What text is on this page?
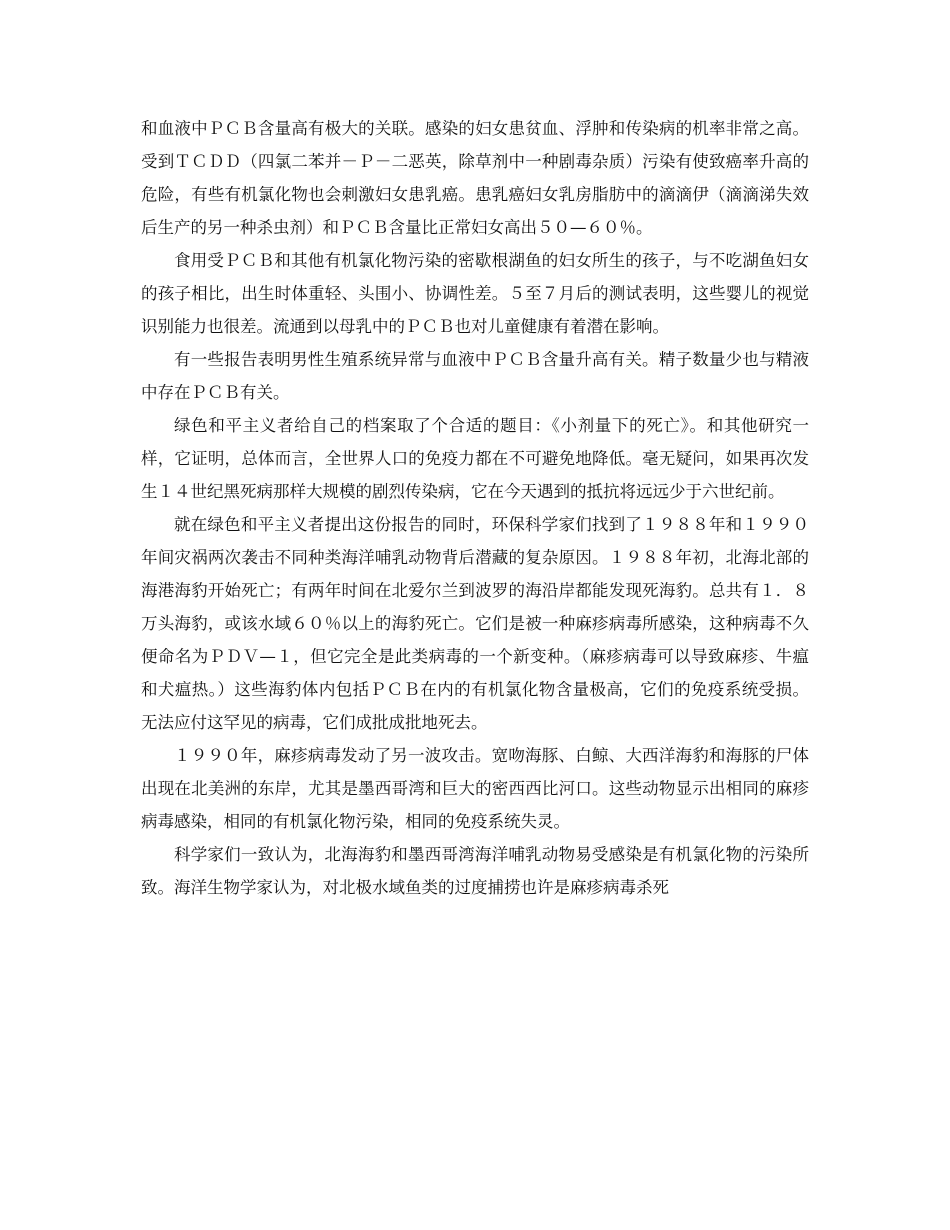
和血液中ＰＣＢ含量高有极大的关联。感染的妇女患贫血、浮肿和传染病的机率非常之高。受到ＴＣＤＤ（四氯二苯并－Ｐ－二恶英，除草剂中一种剧毒杂质）污染有使致癌率升高的危险，有些有机氯化物也会刺激妇女患乳癌。患乳癌妇女乳房脂肪中的滴滴伊（滴滴涕失效后生产的另一种杀虫剂）和ＰＣＢ含量比正常妇女高出５０—６０％。

食用受ＰＣＢ和其他有机氯化物污染的密歇根湖鱼的妇女所生的孩子，与不吃湖鱼妇女的孩子相比，出生时体重轻、头围小、协调性差。５至７月后的测试表明，这些婴儿的视觉识别能力也很差。流通到以母乳中的ＰＣＢ也对儿童健康有着潜在影响。

有一些报告表明男性生殖系统异常与血液中ＰＣＢ含量升高有关。精子数量少也与精液中存在ＰＣＢ有关。

绿色和平主义者给自己的档案取了个合适的题目：《小剂量下的死亡》。和其他研究一样，它证明，总体而言，全世界人口的免疫力都在不可避免地降低。毫无疑问，如果再次发生１４世纪黑死病那样大规模的剧烈传染病，它在今天遇到的抵抗将远远少于六世纪前。

就在绿色和平主义者提出这份报告的同时，环保科学家们找到了１９８８年和１９９０年间灾祸两次袭击不同种类海洋哺乳动物背后潜藏的复杂原因。１９８８年初，北海北部的海港海豹开始死亡；有两年时间在北爱尔兰到波罗的海沿岸都能发现死海豹。总共有１．８万头海豹，或该水域６０％以上的海豹死亡。它们是被一种麻疹病毒所感染，这种病毒不久便命名为ＰＤＶ—１，但它完全是此类病毒的一个新变种。（麻疹病毒可以导致麻疹、牛瘟和犬瘟热。）这些海豹体内包括ＰＣＢ在内的有机氯化物含量极高，它们的免疫系统受损。无法应付这罕见的病毒，它们成批成批地死去。

１９９０年，麻疹病毒发动了另一波攻击。宽吻海豚、白鲸、大西洋海豹和海豚的尸体出现在北美洲的东岸，尤其是墨西哥湾和巨大的密西西比河口。这些动物显示出相同的麻疹病毒感染，相同的有机氯化物污染，相同的免疫系统失灵。

科学家们一致认为，北海海豹和墨西哥湾海洋哺乳动物易受感染是有机氯化物的污染所致。海洋生物学家认为，对北极水域鱼类的过度捕捞也许是麻疹病毒杀死
